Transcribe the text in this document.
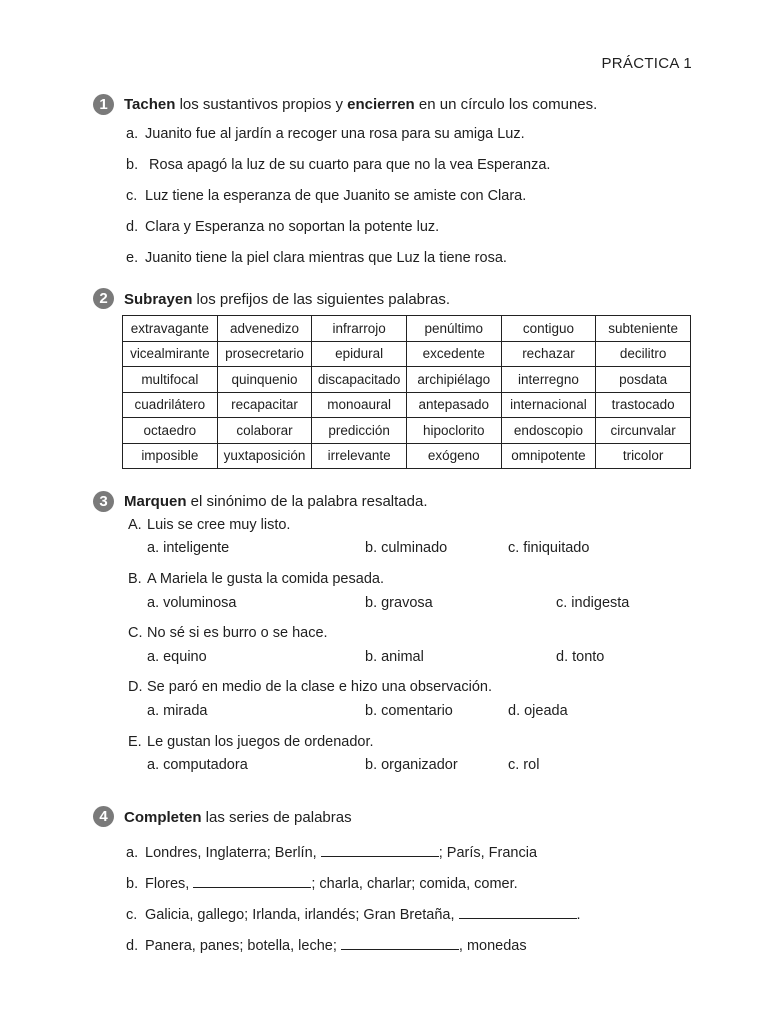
PRÁCTICA 1
1	Tachen los sustantivos propios y encierren en un círculo los comunes.
a. Juanito fue al jardín a recoger una rosa para su amiga Luz.
b. Rosa apagó la luz de su cuarto para que no la vea Esperanza.
c. Luz tiene la esperanza de que Juanito se amiste con Clara.
d. Clara y Esperanza no soportan la potente luz.
e. Juanito tiene la piel clara mientras que Luz la tiene rosa.
2	Subrayen los prefijos de las siguientes palabras.
extravagante	advenedizo	infrarrojo	penúltimo	contiguo	subteniente
vicealmirante	prosecretario	epidural	excedente	rechazar	decilitro
multifocal	quinquenio	discapacitado	archipiélago	interregno	posdata
cuadrilátero	recapacitar	monoaural	antepasado	internacional	trastocado
octaedro	colaborar	predicción	hipoclorito	endoscopio	circunvalar
imposible	yuxtaposición	irrelevante	exógeno	omnipotente	tricolor
3	Marquen el sinónimo de la palabra resaltada.
A. Luis se cree muy listo.
a. inteligente	b. culminado	c. finiquitado
B. A Mariela le gusta la comida pesada.
a. voluminosa	b. gravosa	c. indigesta
C. No sé si es burro o se hace.
a. equino	b. animal	d. tonto
D. Se paró en medio de la clase e hizo una observación.
a. mirada	b. comentario	d. ojeada
E. Le gustan los juegos de ordenador.
a. computadora	b. organizador	c. rol
4	Completen las series de palabras
a. Londres, Inglaterra; Berlín,	; París, Francia
b. Flores,	; charla, charlar; comida, comer.
c. Galicia, gallego; Irlanda, irlandés; Gran Bretaña,	.
d. Panera, panes; botella, leche;	, monedas
